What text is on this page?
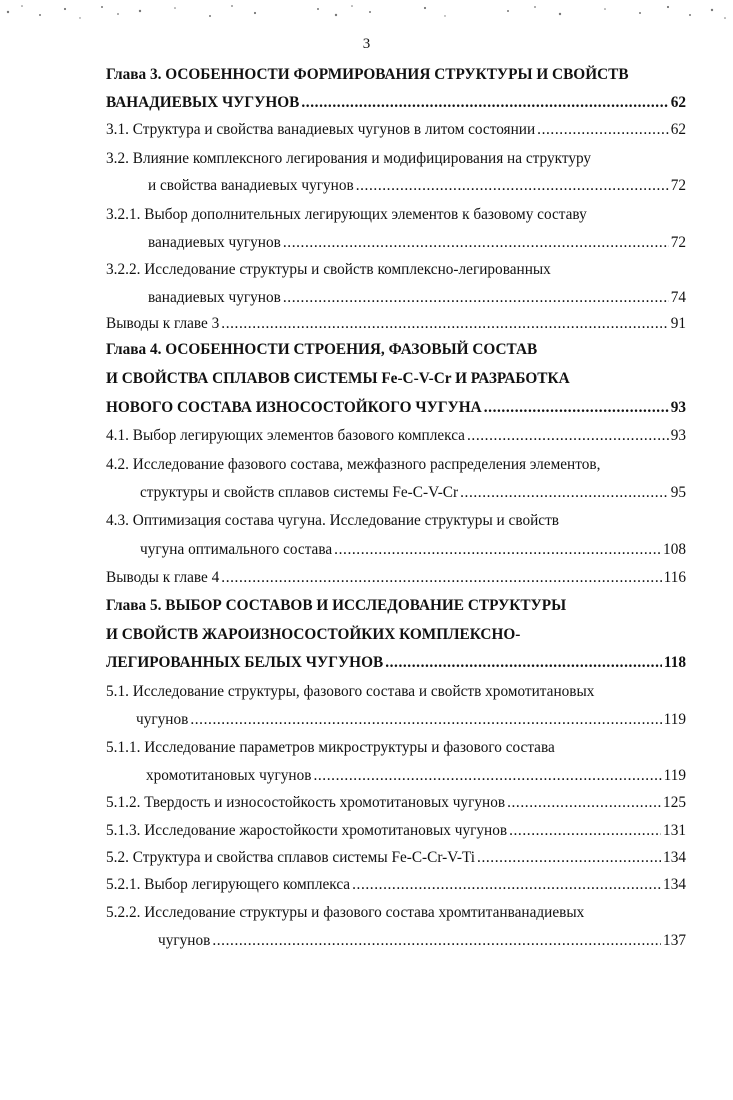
3
Глава 3. ОСОБЕННОСТИ ФОРМИРОВАНИЯ СТРУКТУРЫ И СВОЙСТВ
ВАНАДИЕВЫХ ЧУГУНОВ .....	62
3.1. Структура и свойства ванадиевых чугунов в литом состоянии .....	62
3.2. Влияние комплексного легирования и модифицирования на структуру
и свойства ванадиевых чугунов .....	72
3.2.1. Выбор дополнительных легирующих элементов к базовому составу
ванадиевых чугунов .....	72
3.2.2. Исследование структуры и свойств комплексно-легированных
ванадиевых чугунов .....	74
Выводы к главе 3 .....	91
Глава 4. ОСОБЕННОСТИ СТРОЕНИЯ, ФАЗОВЫЙ СОСТАВ
И СВОЙСТВА СПЛАВОВ СИСТЕМЫ Fe-C-V-Cr И РАЗРАБОТКА
НОВОГО СОСТАВА ИЗНОСОСТОЙКОГО ЧУГУНА .....	93
4.1. Выбор легирующих элементов базового комплекса .....	93
4.2. Исследование фазового состава, межфазного распределения элементов,
структуры и свойств сплавов системы Fe-C-V-Cr .....	95
4.3. Оптимизация состава чугуна. Исследование структуры и свойств
чугуна оптимального состава .....	108
Выводы к главе 4 .....	116
Глава 5. ВЫБОР СОСТАВОВ И ИССЛЕДОВАНИЕ СТРУКТУРЫ
И СВОЙСТВ ЖАРОИЗНОСОСТОЙКИХ КОМПЛЕКСНО-
ЛЕГИРОВАННЫХ БЕЛЫХ ЧУГУНОВ .....	118
5.1. Исследование структуры, фазового состава и свойств хромотитановых
чугунов .....	119
5.1.1. Исследование параметров микроструктуры и фазового состава
хромотитановых чугунов .....	119
5.1.2. Твердость и износостойкость хромотитановых чугунов .....	125
5.1.3. Исследование жаростойкости хромотитановых чугунов .....	131
5.2. Структура и свойства сплавов системы Fe-C-Cr-V-Ti .....	134
5.2.1. Выбор легирующего комплекса .....	134
5.2.2. Исследование структуры и фазового состава хромтитанванадиевых
чугунов .....	137
